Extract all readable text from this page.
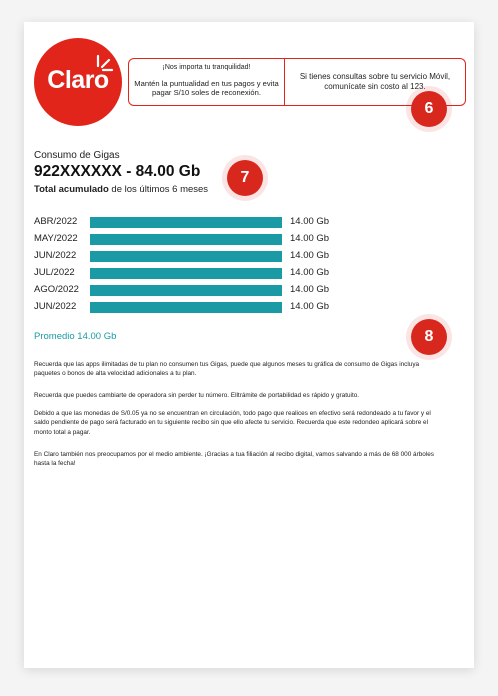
Claro	¡Nos importa tu tranquilidad!
Mantén la puntualidad en tus pagos y evita pagar S/10 soles de reconexión.
Si tienes consultas sobre tu servicio Móvil, comunícate sin costo al 123.
6
7
8
Consumo de Gigas
922XXXXXX - 84.00 Gb
Total acumulado de los últimos 6 meses
ABR/2022	14.00 Gb
MAY/2022	14.00 Gb
JUN/2022	14.00 Gb
JUL/2022	14.00 Gb
AGO/2022	14.00 Gb
JUN/2022	14.00 Gb
Promedio 14.00 Gb
Recuerda que las apps ilimitadas de tu plan no consumen tus Gigas, puede que algunos meses tu gráfica de consumo de Gigas incluya paquetes o bonos de alta velocidad adicionales a tu plan.
Recuerda que puedes cambiarte de operadora sin perder tu número. Elltrámite de portabilidad es rápido y gratuito.
Debido a que las monedas de S/0.05 ya no se encuentran en circulación, todo pago que realices en efectivo será redondeado a tu favor y el saldo pendiente de pago será facturado en tu siguiente recibo sin que ello afecte tu servicio. Recuerda que este redondeo aplicará sobre el monto total a pagar.
En Claro también nos preocupamos por el medio ambiente. ¡Gracias a tua filiación al recibo digital, vamos salvando a más de 68 000 árboles hasta la fecha!
